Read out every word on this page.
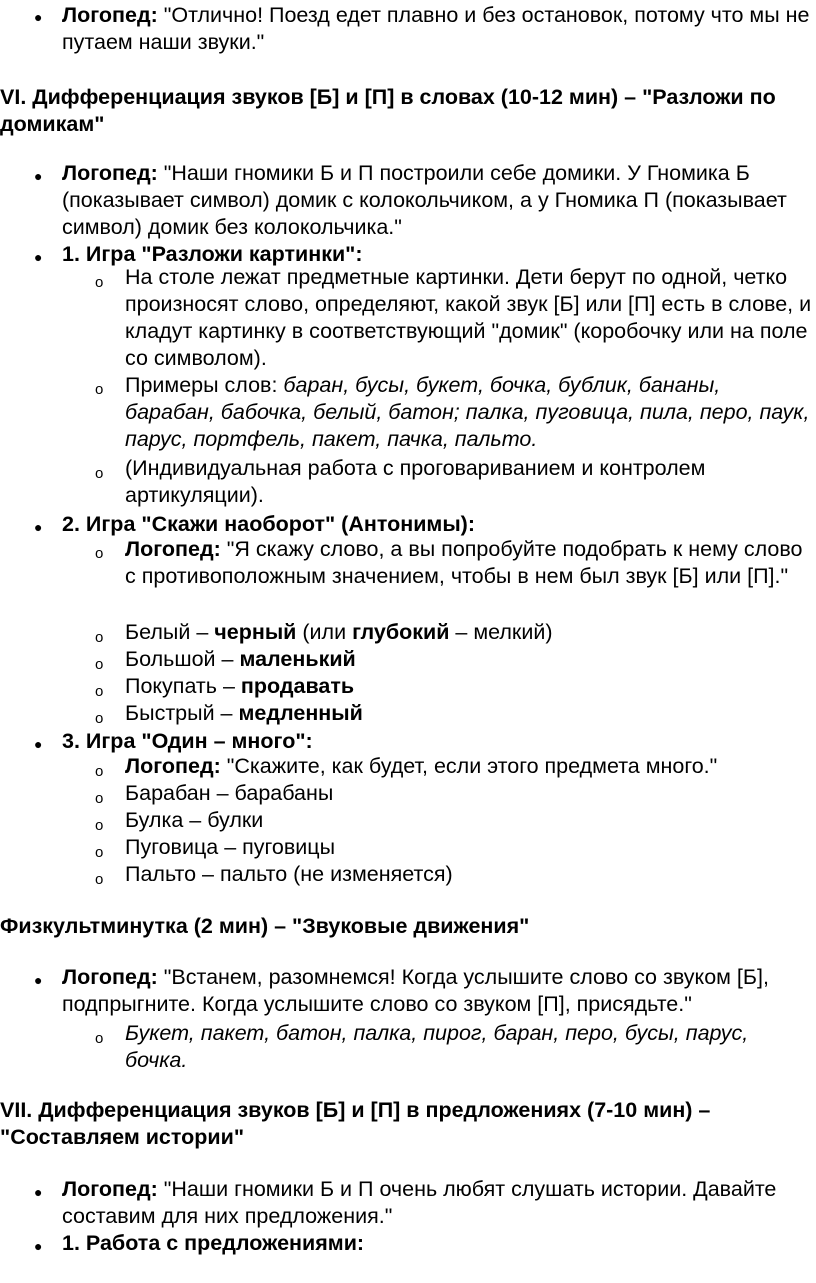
● Логопед: "Отлично! Поезд едет плавно и без остановок, потому что мы не путаем наши звуки."

VI. Дифференциация звуков [Б] и [П] в словах (10-12 мин) – "Разложи по домикам"
● Логопед: "Наши гномики Б и П построили себе домики. У Гномика Б (показывает символ) домик с колокольчиком, а у Гномика П (показывает символ) домик без колокольчика."

● 1. Игра "Разложи картинки":

o На столе лежат предметные картинки. Дети берут по одной, четко произносят слово, определяют, какой звук [Б] или [П] есть в слове, и кладут картинку в соответствующий "домик" (коробочку или на поле со символом).

o Примеры слов: баран, бусы, букет, бочка, бублик, бананы, барабан, бабочка, белый, батон; палка, пуговица, пила, перо, паук, парус, портфель, пакет, пачка, пальто.

o (Индивидуальная работа с проговариванием и контролем артикуляции).

● 2. Игра "Скажи наоборот" (Антонимы):

o Логопед: "Я скажу слово, а вы попробуйте подобрать к нему слово с противоположным значением, чтобы в нем был звук [Б] или [П]."

o Белый – черный (или глубокий – мелкий)

o Большой – маленький

o Покупать – продавать

o Быстрый – медленный

● 3. Игра "Один – много":

o Логопед: "Скажите, как будет, если этого предмета много."

o Барабан – барабаны

o Булка – булки

o Пуговица – пуговицы

o Пальто – пальто (не изменяется)

Физкультминутка (2 мин) – "Звуковые движения"
● Логопед: "Встанем, разомнемся! Когда услышите слово со звуком [Б], подпрыгните. Когда услышите слово со звуком [П], присядьте."

o Букет, пакет, батон, палка, пирог, баран, перо, бусы, парус, бочка.

VII. Дифференциация звуков [Б] и [П] в предложениях (7-10 мин) – "Составляем истории"
● Логопед: "Наши гномики Б и П очень любят слушать истории. Давайте составим для них предложения."

● 1. Работа с предложениями:
